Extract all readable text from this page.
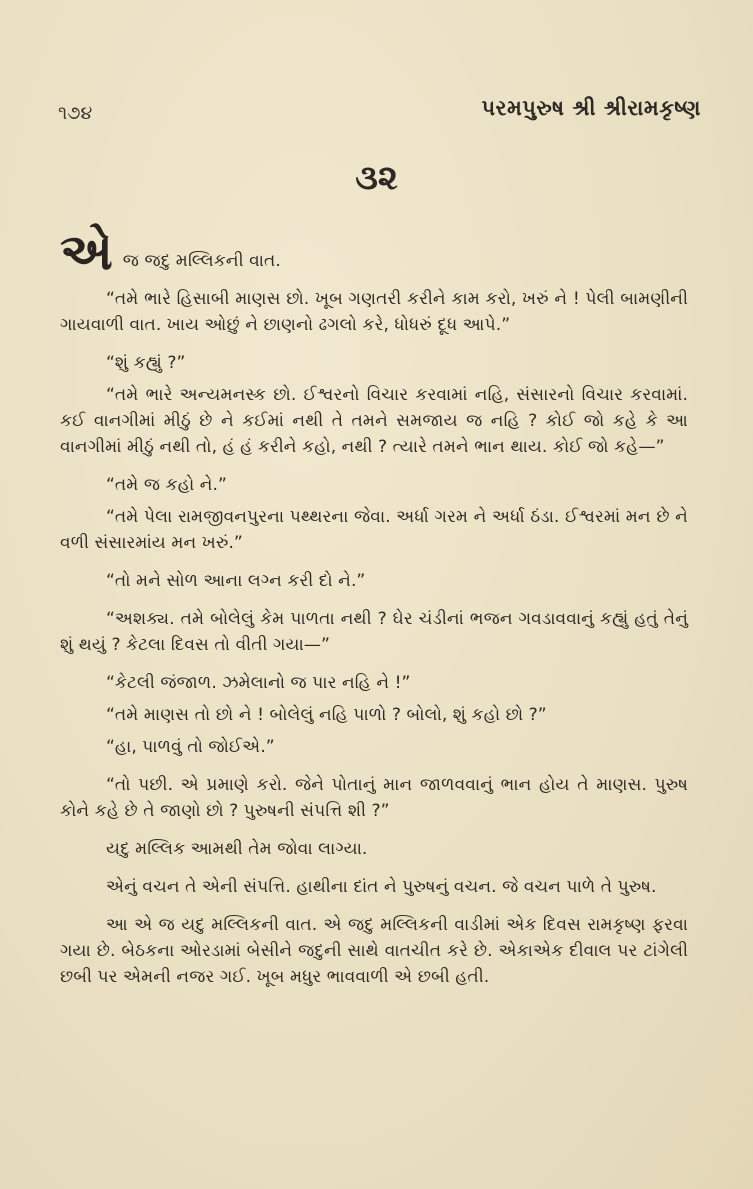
૧૭૪	પરમપુરુષ શ્રી શ્રીરામકૃષ્ણ
૩૨

એ જ જદુ મલ્લિકની વાત.

“તમે ભારે હિસાબી માણસ છો. ખૂબ ગણતરી કરીને કામ કરો, ખરું ને ! પેલી બામણીની ગાયવાળી વાત. ખાય ઓછું ને છાણનો ઢગલો કરે, ધોધરું દૂધ આપે.”

“શું કહ્યું ?”

“તમે ભારે અન્યમનસ્ક છો. ઈશ્વરનો વિચાર કરવામાં નહિ, સંસારનો વિચાર કરવામાં. કઈ વાનગીમાં મીઠું છે ને કઈમાં નથી તે તમને સમજાય જ નહિ ? કોઈ જો કહે કે આ વાનગીમાં મીઠું નથી તો, હં હં કરીને કહો, નથી ? ત્યારે તમને ભાન થાય. કોઈ જો કહે—”

“તમે જ કહો ને.”

“તમે પેલા રામજીવનપુરના પથ્થરના જેવા. અર્ધા ગરમ ને અર્ધા ઠંડા. ઈશ્વરમાં મન છે ને વળી સંસારમાંય મન ખરું.”

“તો મને સોળ આના લગ્ન કરી દો ને.”

“અશક્ય. તમે બોલેલું કેમ પાળતા નથી ? ઘેર ચંડીનાં ભજન ગવડાવવાનું કહ્યું હતું તેનું શું થયું ? કેટલા દિવસ તો વીતી ગયા—”

“કેટલી જંજાળ. ઝમેલાનો જ પાર નહિ ને !”

“તમે માણસ તો છો ને ! બોલેલું નહિ પાળો ? બોલો, શું કહો છો ?”

“હા, પાળવું તો જોઈએ.”

“તો પછી. એ પ્રમાણે કરો. જેને પોતાનું માન જાળવવાનું ભાન હોય તે માણસ. પુરુષ કોને કહે છે તે જાણો છો ? પુરુષની સંપત્તિ શી ?”

યદુ મલ્લિક આમથી તેમ જોવા લાગ્યા.

એનું વચન તે એની સંપત્તિ. હાથીના દાંત ને પુરુષનું વચન. જે વચન પાળે તે પુરુષ.

આ એ જ યદુ મલ્લિકની વાત. એ જદુ મલ્લિકની વાડીમાં એક દિવસ રામકૃષ્ણ ફરવા ગયા છે. બેઠકના ઓરડામાં બેસીને જદુની સાથે વાતચીત કરે છે. એકાએક દીવાલ પર ટાંગેલી છબી પર એમની નજર ગઈ. ખૂબ મધુર ભાવવાળી એ છબી હતી.
